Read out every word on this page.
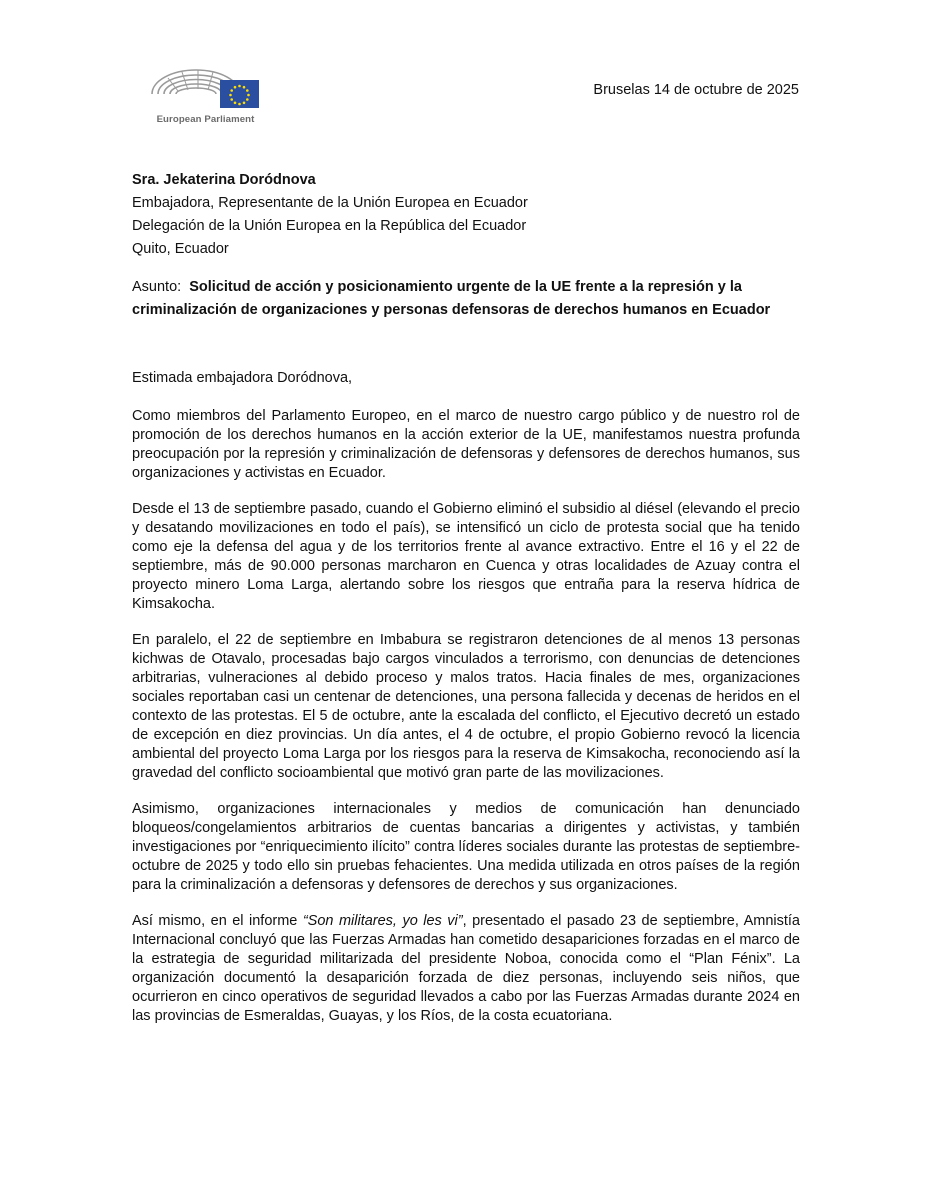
European Parliament
Bruselas 14 de octubre de 2025
Sra. Jekaterina Doródnova
Embajadora, Representante de la Unión Europea en Ecuador
Delegación de la Unión Europea en la República del Ecuador
Quito, Ecuador
Asunto: Solicitud de acción y posicionamiento urgente de la UE frente a la represión y la criminalización de organizaciones y personas defensoras de derechos humanos en Ecuador
Estimada embajadora Doródnova,

Como miembros del Parlamento Europeo, en el marco de nuestro cargo público y de nuestro rol de promoción de los derechos humanos en la acción exterior de la UE, manifestamos nuestra profunda preocupación por la represión y criminalización de defensoras y defensores de derechos humanos, sus organizaciones y activistas en Ecuador.

Desde el 13 de septiembre pasado, cuando el Gobierno eliminó el subsidio al diésel (elevando el precio y desatando movilizaciones en todo el país), se intensificó un ciclo de protesta social que ha tenido como eje la defensa del agua y de los territorios frente al avance extractivo. Entre el 16 y el 22 de septiembre, más de 90.000 personas marcharon en Cuenca y otras localidades de Azuay contra el proyecto minero Loma Larga, alertando sobre los riesgos que entraña para la reserva hídrica de Kimsakocha.

En paralelo, el 22 de septiembre en Imbabura se registraron detenciones de al menos 13 personas kichwas de Otavalo, procesadas bajo cargos vinculados a terrorismo, con denuncias de detenciones arbitrarias, vulneraciones al debido proceso y malos tratos. Hacia finales de mes, organizaciones sociales reportaban casi un centenar de detenciones, una persona fallecida y decenas de heridos en el contexto de las protestas. El 5 de octubre, ante la escalada del conflicto, el Ejecutivo decretó un estado de excepción en diez provincias. Un día antes, el 4 de octubre, el propio Gobierno revocó la licencia ambiental del proyecto Loma Larga por los riesgos para la reserva de Kimsakocha, reconociendo así la gravedad del conflicto socioambiental que motivó gran parte de las movilizaciones.

Asimismo, organizaciones internacionales y medios de comunicación han denunciado bloqueos/congelamientos arbitrarios de cuentas bancarias a dirigentes y activistas, y también investigaciones por “enriquecimiento ilícito” contra líderes sociales durante las protestas de septiembre-octubre de 2025 y todo ello sin pruebas fehacientes. Una medida utilizada en otros países de la región para la criminalización a defensoras y defensores de derechos y sus organizaciones.

Así mismo, en el informe “Son militares, yo les vi”, presentado el pasado 23 de septiembre, Amnistía Internacional concluyó que las Fuerzas Armadas han cometido desapariciones forzadas en el marco de la estrategia de seguridad militarizada del presidente Noboa, conocida como el “Plan Fénix”. La organización documentó la desaparición forzada de diez personas, incluyendo seis niños, que ocurrieron en cinco operativos de seguridad llevados a cabo por las Fuerzas Armadas durante 2024 en las provincias de Esmeraldas, Guayas, y los Ríos, de la costa ecuatoriana.
